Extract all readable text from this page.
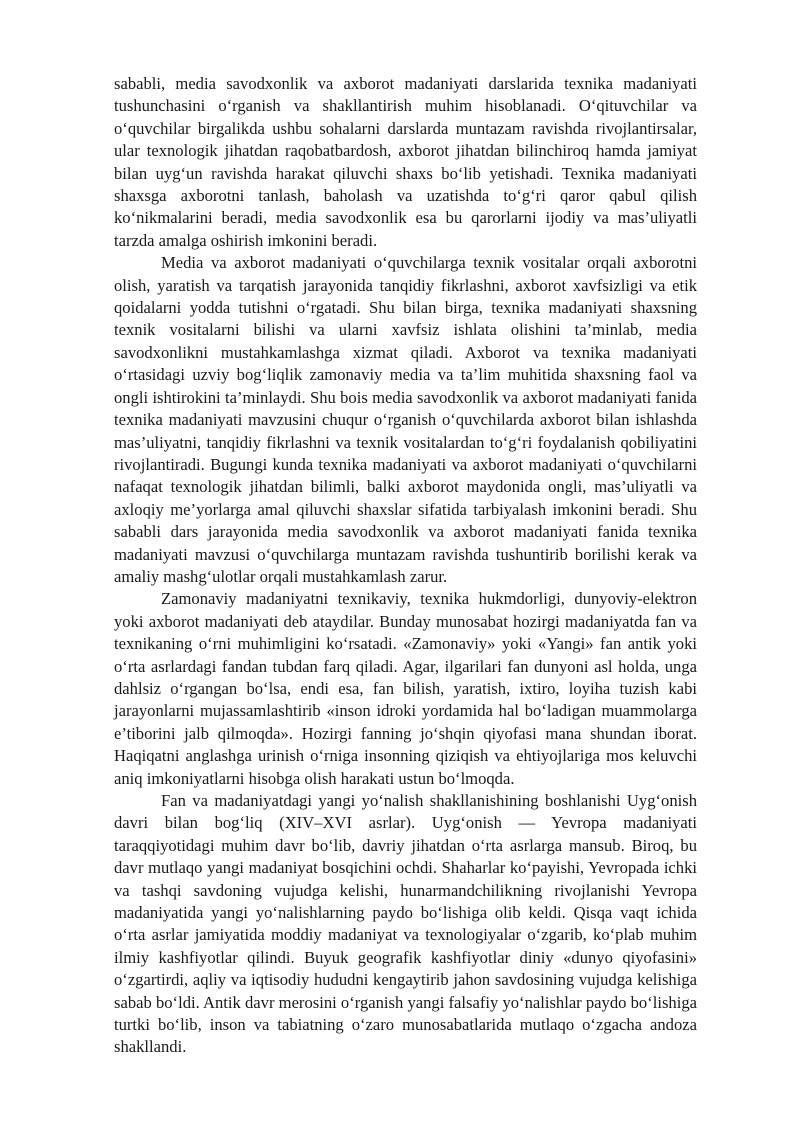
sababli, media savodxonlik va axborot madaniyati darslarida texnika madaniyati tushunchasini o‘rganish va shakllantirish muhim hisoblanadi. O‘qituvchilar va o‘quvchilar birgalikda ushbu sohalarni darslarda muntazam ravishda rivojlantirsalar, ular texnologik jihatdan raqobatbardosh, axborot jihatdan bilinchiroq hamda jamiyat bilan uyg‘un ravishda harakat qiluvchi shaxs bo‘lib yetishadi. Texnika madaniyati shaxsga axborotni tanlash, baholash va uzatishda to‘g‘ri qaror qabul qilish ko‘nikmalarini beradi, media savodxonlik esa bu qarorlarni ijodiy va mas’uliyatli tarzda amalga oshirish imkonini beradi.

Media va axborot madaniyati o‘quvchilarga texnik vositalar orqali axborotni olish, yaratish va tarqatish jarayonida tanqidiy fikrlashni, axborot xavfsizligi va etik qoidalarni yodda tutishni o‘rgatadi. Shu bilan birga, texnika madaniyati shaxsning texnik vositalarni bilishi va ularni xavfsiz ishlata olishini ta’minlab, media savodxonlikni mustahkamlashga xizmat qiladi. Axborot va texnika madaniyati o‘rtasidagi uzviy bog‘liqlik zamonaviy media va ta’lim muhitida shaxsning faol va ongli ishtirokini ta’minlaydi. Shu bois media savodxonlik va axborot madaniyati fanida texnika madaniyati mavzusini chuqur o‘rganish o‘quvchilarda axborot bilan ishlashda mas’uliyatni, tanqidiy fikrlashni va texnik vositalardan to‘g‘ri foydalanish qobiliyatini rivojlantiradi. Bugungi kunda texnika madaniyati va axborot madaniyati o‘quvchilarni nafaqat texnologik jihatdan bilimli, balki axborot maydonida ongli, mas’uliyatli va axloqiy me’yorlarga amal qiluvchi shaxslar sifatida tarbiyalash imkonini beradi. Shu sababli dars jarayonida media savodxonlik va axborot madaniyati fanida texnika madaniyati mavzusi o‘quvchilarga muntazam ravishda tushuntirib borilishi kerak va amaliy mashg‘ulotlar orqali mustahkamlash zarur.

Zamonaviy madaniyatni texnikaviy, texnika hukmdorligi, dunyoviy-elektron yoki axborot madaniyati deb ataydilar. Bunday munosabat hozirgi madaniyatda fan va texnikaning o‘rni muhimligini ko‘rsatadi. «Zamonaviy» yoki «Yangi» fan antik yoki o‘rta asrlardagi fandan tubdan farq qiladi. Agar, ilgarilari fan dunyoni asl holda, unga dahlsiz o‘rgangan bo‘lsa, endi esa, fan bilish, yaratish, ixtiro, loyiha tuzish kabi jarayonlarni mujassamlashtirib «inson idroki yordamida hal bo‘ladigan muammolarga e’tiborini jalb qilmoqda». Hozirgi fanning jo‘shqin qiyofasi mana shundan iborat. Haqiqatni anglashga urinish o‘rniga insonning qiziqish va ehtiyojlariga mos keluvchi aniq imkoniyatlarni hisobga olish harakati ustun bo‘lmoqda.

Fan va madaniyatdagi yangi yo‘nalish shakllanishining boshlanishi Uyg‘onish davri bilan bog‘liq (XIV–XVI asrlar). Uyg‘onish — Yevropa madaniyati taraqqiyotidagi muhim davr bo‘lib, davriy jihatdan o‘rta asrlarga mansub. Biroq, bu davr mutlaqo yangi madaniyat bosqichini ochdi. Shaharlar ko‘payishi, Yevropada ichki va tashqi savdoning vujudga kelishi, hunarmandchilikning rivojlanishi Yevropa madaniyatida yangi yo‘nalishlarning paydo bo‘lishiga olib keldi. Qisqa vaqt ichida o‘rta asrlar jamiyatida moddiy madaniyat va texnologiyalar o‘zgarib, ko‘plab muhim ilmiy kashfiyotlar qilindi. Buyuk geografik kashfiyotlar diniy «dunyo qiyofasini» o‘zgartirdi, aqliy va iqtisodiy hududni kengaytirib jahon savdosining vujudga kelishiga sabab bo‘ldi. Antik davr merosini o‘rganish yangi falsafiy yo‘nalishlar paydo bo‘lishiga turtki bo‘lib, inson va tabiatning o‘zaro munosabatlarida mutlaqo o‘zgacha andoza shakllandi.
